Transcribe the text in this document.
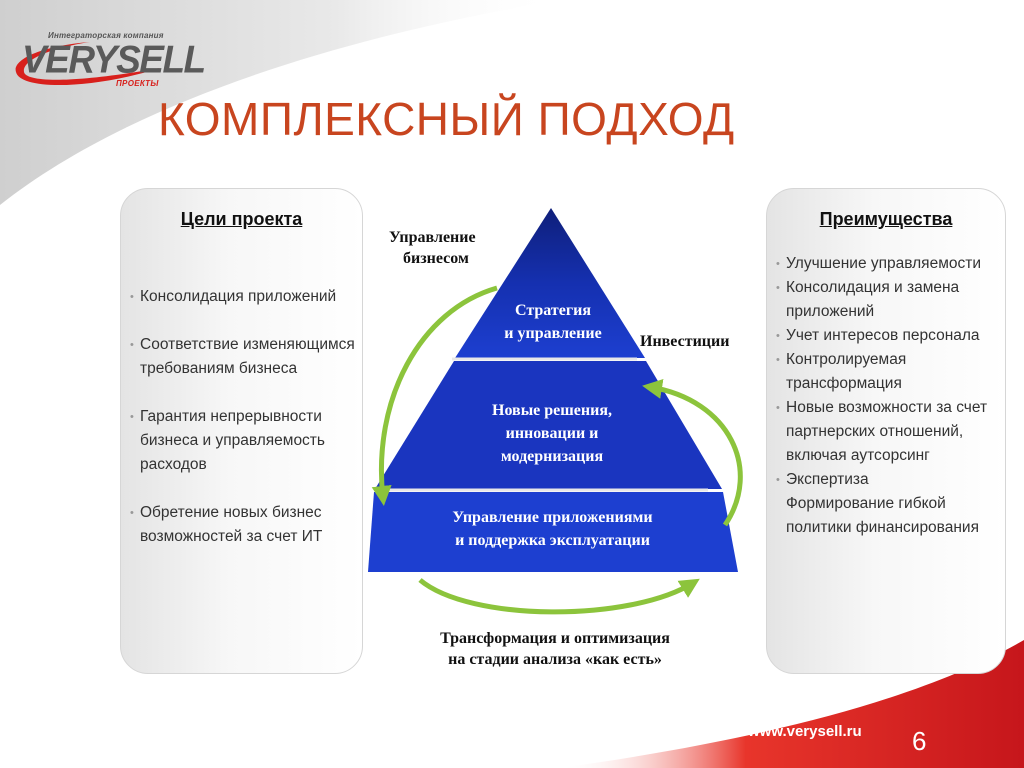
Интеграторская компания
VERYSELL
ПРОЕКТЫ
КОМПЛЕКСНЫЙ ПОДХОД
Цели проекта
• Консолидация приложений
• Соответствие изменяющимся требованиям бизнеса
• Гарантия непрерывности бизнеса и управляемость расходов
• Обретение новых бизнес возможностей за счет ИТ
Преимущества
• Улучшение управляемости
• Консолидация и замена приложений
• Учет интересов персонала
• Контролируемая трансформация
• Новые возможности за счет партнерских отношений, включая аутсорсинг
• Экспертиза
Формирование гибкой политики финансирования
Стратегия
и управление
Новые решения,
инновации и
модернизация
Управление приложениями
и поддержка эксплуатации
Управление
бизнесом
Инвестиции
Трансформация и оптимизация
на стадии анализа «как есть»
www.verysell.ru 6
